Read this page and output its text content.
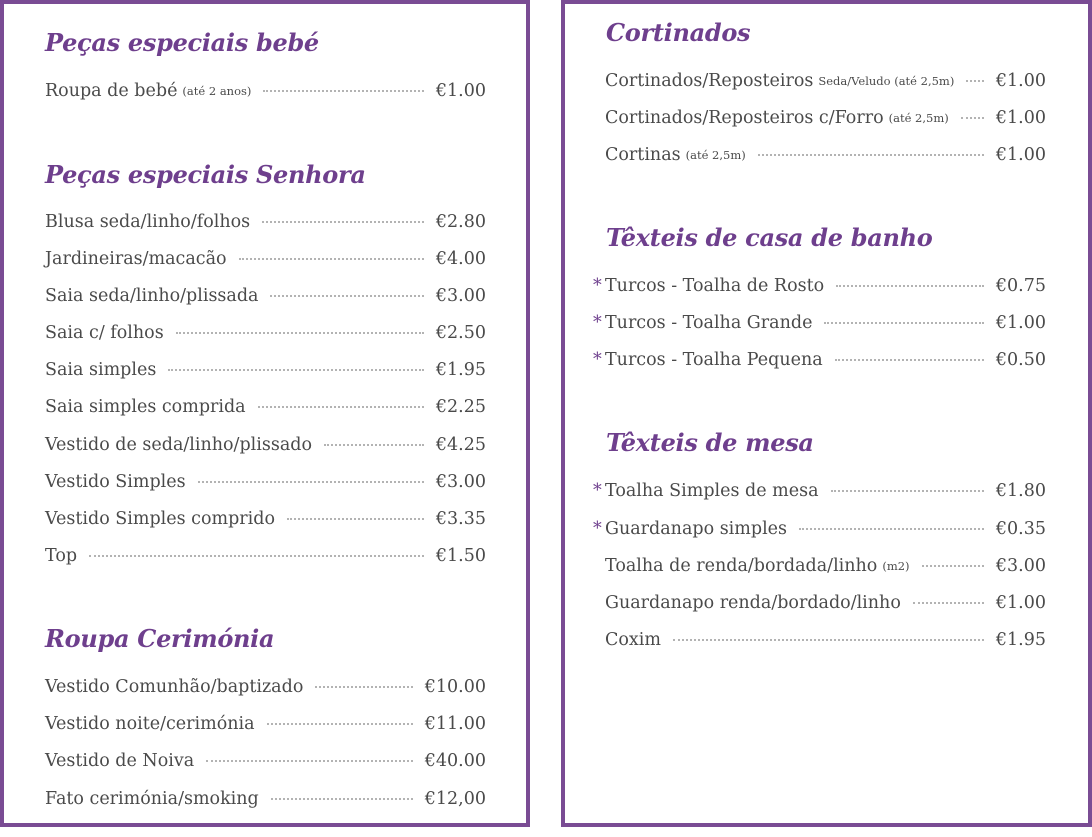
Peças especiais bebé
Roupa de bebé (até 2 anos)	€1.00
Peças especiais Senhora
Blusa seda/linho/folhos	€2.80
Jardineiras/macacão	€4.00
Saia seda/linho/plissada	€3.00
Saia c/ folhos	€2.50
Saia simples	€1.95
Saia simples comprida	€2.25
Vestido de seda/linho/plissado	€4.25
Vestido Simples	€3.00
Vestido Simples comprido	€3.35
Top	€1.50
Roupa Cerimónia
Vestido Comunhão/baptizado	€10.00
Vestido noite/cerimónia	€11.00
Vestido de Noiva	€40.00
Fato cerimónia/smoking	€12,00
Cortinados
Cortinados/Reposteiros Seda/Veludo (até 2,5m) €1.00
Cortinados/Reposteiros c/Forro (até 2,5m)	€1.00
Cortinas (até 2,5m)	€1.00
Têxteis de casa de banho
* Turcos - Toalha de Rosto	€0.75
* Turcos - Toalha Grande	€1.00
* Turcos - Toalha Pequena	€0.50
Têxteis de mesa
* Toalha Simples de mesa	€1.80
* Guardanapo simples	€0.35
Toalha de renda/bordada/linho (m2)	€3.00
Guardanapo renda/bordado/linho	€1.00
Coxim	€1.95
